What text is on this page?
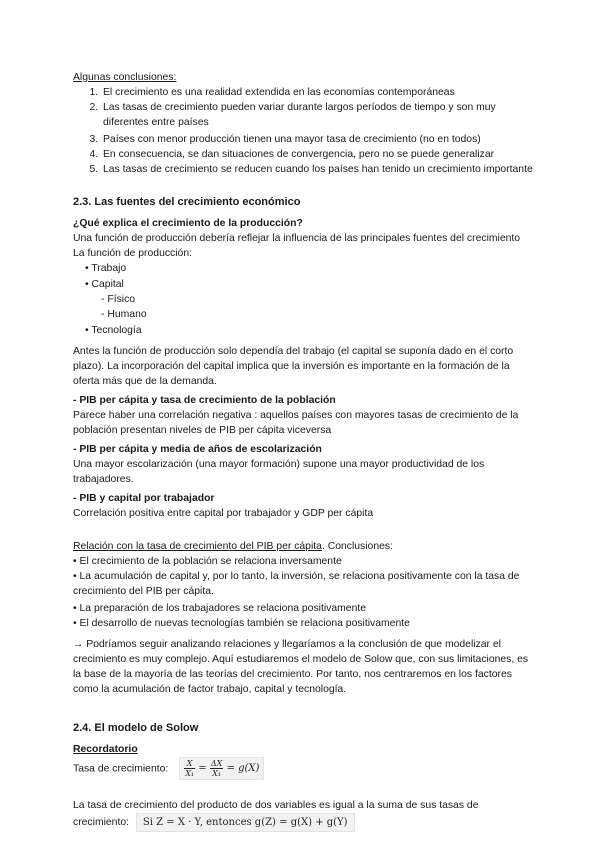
Algunas conclusiones:

1. El crecimiento es una realidad extendida en las economías contemporáneas
2. Las tasas de crecimiento pueden variar durante largos períodos de tiempo y son muy diferentes entre países
3. Países con menor producción tienen una mayor tasa de crecimiento (no en todos)
4. En consecuencia, se dan situaciones de convergencia, pero no se puede generalizar
5. Las tasas de crecimiento se reducen cuando los países han tenido un crecimiento importante
2.3. Las fuentes del crecimiento económico

¿Qué explica el crecimiento de la producción?

Una función de producción debería reflejar la influencia de las principales fuentes del crecimiento

La función de producción:

• Trabajo
• Capital
- Físico
- Humano
• Tecnología

Antes la función de producción solo dependía del trabajo (el capital se suponía dado en el corto plazo). La incorporación del capital implica que la inversión es importante en la formación de la oferta más que de la demanda.

- PIB per cápita y tasa de crecimiento de la población

Parece haber una correlación negativa : aquellos países con mayores tasas de crecimiento de la población presentan niveles de PIB per cápita viceversa

- PIB per cápita y media de años de escolarización

Una mayor escolarización (una mayor formación) supone una mayor productividad de los trabajadores.

- PIB y capital por trabajador

Correlación positiva entre capital por trabajador y GDP per cápita

Relación con la tasa de crecimiento del PIB per cápita. Conclusiones:

• El crecimiento de la población se relaciona inversamente

• La acumulación de capital y, por lo tanto, la inversión, se relaciona positivamente con la tasa de crecimiento del PIB per cápita.

• La preparación de los trabajadores se relaciona positivamente

• El desarrollo de nuevas tecnologías también se relaciona positivamente

→ Podríamos seguir analizando relaciones y llegaríamos a la conclusión de que modelizar el crecimiento es muy complejo. Aquí estudiaremos el modelo de Solow que, con sus limitaciones, es la base de la mayoría de las teorías del crecimiento. Por tanto, nos centraremos en los factores como la acumulación de factor trabajo, capital y tecnología.

2.4. El modelo de Solow

Recordatorio

Tasa de crecimiento: $\frac{X}{\text{X₁}} = \frac{\Delta X}{\text{X₁}} = g(X)$

La tasa de crecimiento del producto de dos variables es igual a la suma de sus tasas de

crecimiento: Si Z = X · Y, entonces g(Z) = g(X) + g(Y)
